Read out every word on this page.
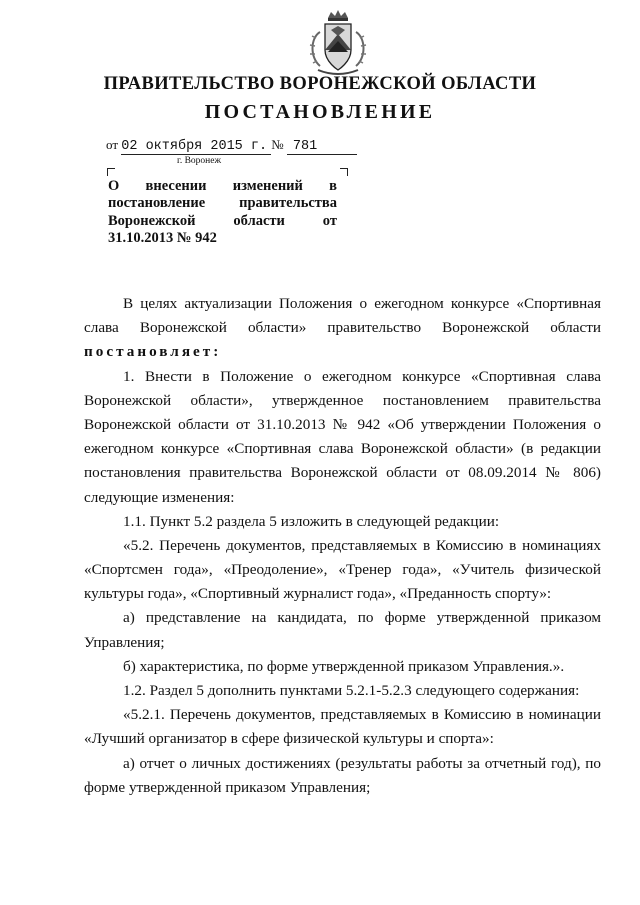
ПРАВИТЕЛЬСТВО ВОРОНЕЖСКОЙ ОБЛАСТИ
ПОСТАНОВЛЕНИЕ
от 02 октября 2015 г. № 781
г. Воронеж
О внесении изменений в
постановление правительства
Воронежской области от
31.10.2013 № 942
В целях актуализации Положения о ежегодном конкурсе «Спортивная
слава Воронежской области» правительство Воронежской области
постановляет:
1. Внести в Положение о ежегодном конкурсе «Спортивная слава
Воронежской области», утвержденное постановлением правительства
Воронежской области от 31.10.2013 № 942 «Об утверждении Положения о
ежегодном конкурсе «Спортивная слава Воронежской области» (в редакции
постановления правительства Воронежской области от 08.09.2014 № 806)
следующие изменения:
1.1. Пункт 5.2 раздела 5 изложить в следующей редакции:
«5.2. Перечень документов, представляемых в Комиссию в номинациях
«Спортсмен года», «Преодоление», «Тренер года», «Учитель физической
культуры года», «Спортивный журналист года», «Преданность спорту»:
а) представление на кандидата, по форме утвержденной приказом
Управления;
б) характеристика, по форме утвержденной приказом Управления.».
1.2. Раздел 5 дополнить пунктами 5.2.1-5.2.3 следующего содержания:
«5.2.1. Перечень документов, представляемых в Комиссию в номинации
«Лучший организатор в сфере физической культуры и спорта»:
а) отчет о личных достижениях (результаты работы за отчетный год), по
форме утвержденной приказом Управления;
